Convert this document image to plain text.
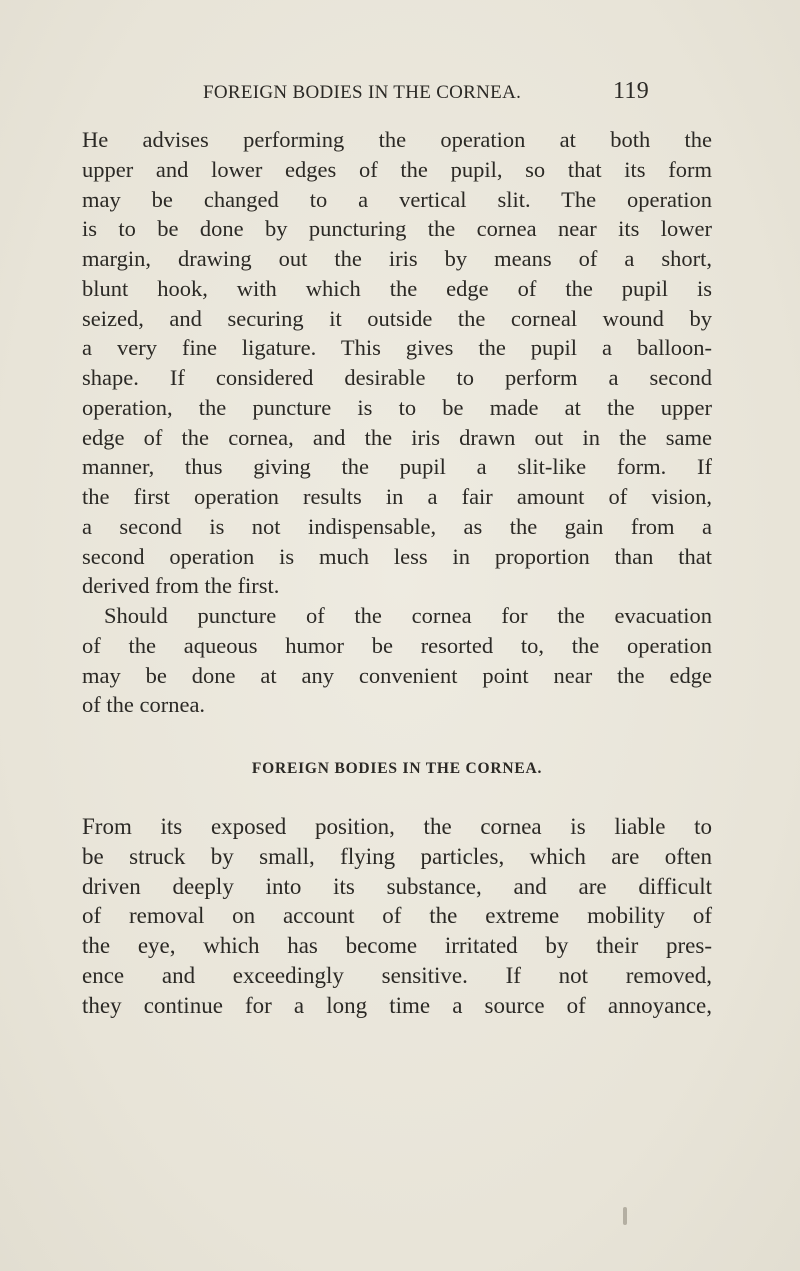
FOREIGN BODIES IN THE CORNEA.	119
He advises performing the operation at both the
upper and lower edges of the pupil, so that its form
may be changed to a vertical slit. The operation
is to be done by puncturing the cornea near its lower
margin, drawing out the iris by means of a short,
blunt hook, with which the edge of the pupil is
seized, and securing it outside the corneal wound by
a very fine ligature. This gives the pupil a balloon-
shape. If considered desirable to perform a second
operation, the puncture is to be made at the upper
edge of the cornea, and the iris drawn out in the same
manner, thus giving the pupil a slit-like form. If
the first operation results in a fair amount of vision,
a second is not indispensable, as the gain from a
second operation is much less in proportion than that
derived from the first.
Should puncture of the cornea for the evacuation
of the aqueous humor be resorted to, the operation
may be done at any convenient point near the edge
of the cornea.
FOREIGN BODIES IN THE CORNEA.
From its exposed position, the cornea is liable to
be struck by small, flying particles, which are often
driven deeply into its substance, and are difficult
of removal on account of the extreme mobility of
the eye, which has become irritated by their pres-
ence and exceedingly sensitive. If not removed,
they continue for a long time a source of annoyance,
